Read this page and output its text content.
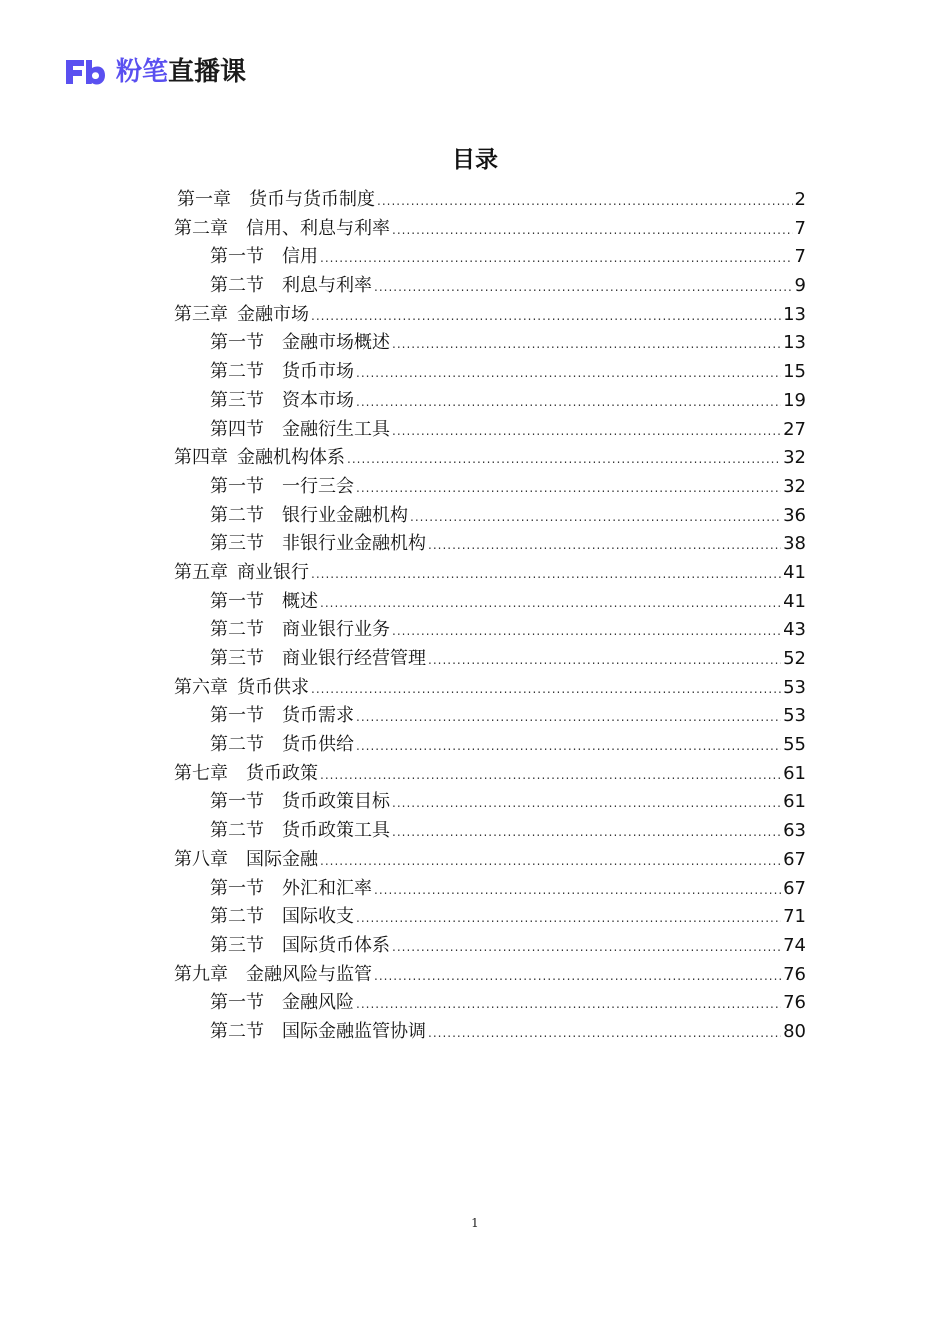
粉笔直播课
目录
第一章 货币与货币制度 .....	2
第二章 信用、利息与利率 .....	7
第一节 信用 .....	7
第二节 利息与利率 .....	9
第三章 金融市场 .....	13
第一节 金融市场概述 .....	13
第二节 货币市场 .....	15
第三节 资本市场 .....	19
第四节 金融衍生工具 .....	27
第四章 金融机构体系 .....	32
第一节 一行三会 .....	32
第二节 银行业金融机构 .....	36
第三节 非银行业金融机构 .....	38
第五章 商业银行 .....	41
第一节 概述 .....	41
第二节 商业银行业务 .....	43
第三节 商业银行经营管理 .....	52
第六章 货币供求 .....	53
第一节 货币需求 .....	53
第二节 货币供给 .....	55
第七章 货币政策 .....	61
第一节 货币政策目标 .....	61
第二节 货币政策工具 .....	63
第八章 国际金融 .....	67
第一节 外汇和汇率 .....	67
第二节 国际收支 .....	71
第三节 国际货币体系 .....	74
第九章 金融风险与监管 .....	76
第一节 金融风险 .....	76
第二节 国际金融监管协调 .....	80
1
